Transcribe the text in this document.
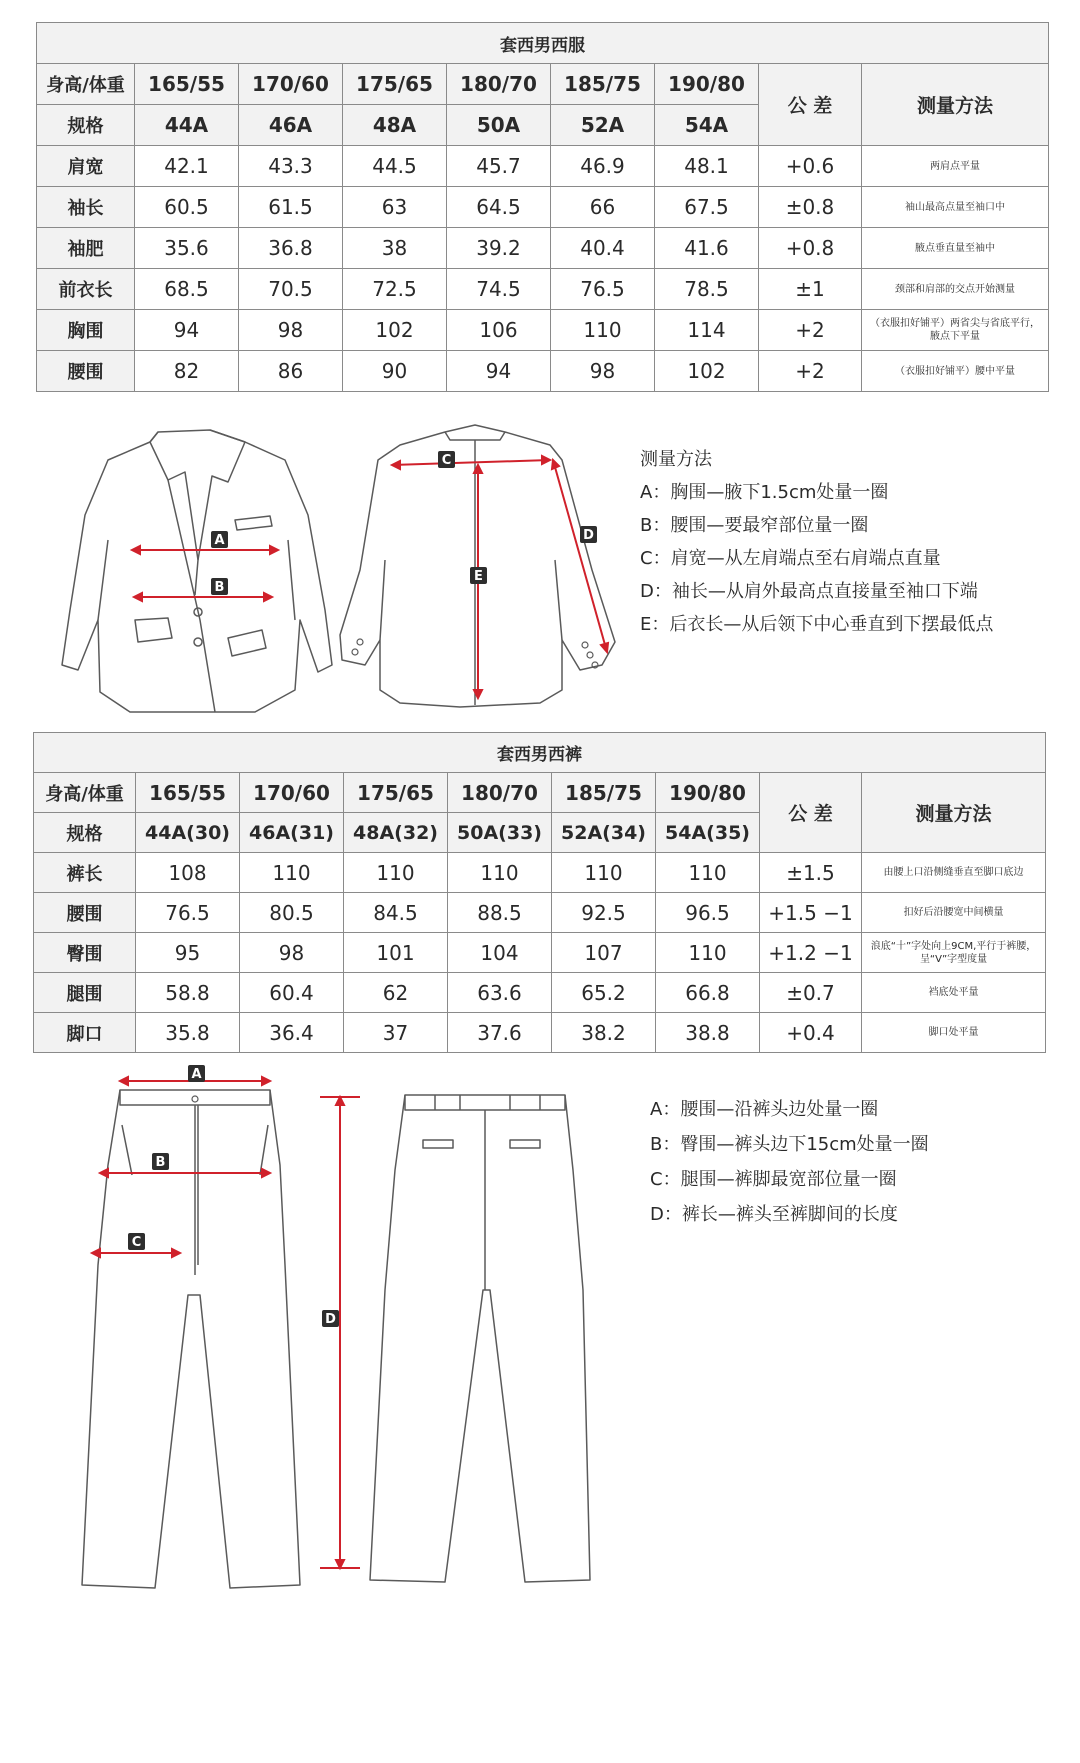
套西男西服								
身高/体重	165/55	170/60	175/65	180/70	185/75	190/80	公 差	测量方法
规格	44A	46A	48A	50A	52A	54A		
肩宽	42.1	43.3	44.5	45.7	46.9	48.1	+0.6	两肩点平量
袖长	60.5	61.5	63	64.5	66	67.5	±0.8	袖山最高点量至袖口中
袖肥	35.6	36.8	38	39.2	40.4	41.6	+0.8	腋点垂直量至袖中
前衣长	68.5	70.5	72.5	74.5	76.5	78.5	±1	颈部和肩部的交点开始测量
胸围	94	98	102	106	110	114	+2	（衣服扣好铺平）两省尖与省底平行，腋点下平量
腰围	82	86	90	94	98	102	+2	（衣服扣好铺平）腰中平量
A
B
C
E
D
测量方法
A：胸围—腋下1.5cm处量一圈
B：腰围—要最窄部位量一圈
C：肩宽—从左肩端点至右肩端点直量
D：袖长—从肩外最高点直接量至袖口下端
E：后衣长—从后领下中心垂直到下摆最低点
套西男西裤								
身高/体重	165/55	170/60	175/65	180/70	185/75	190/80	公 差	测量方法
规格	44A(30)	46A(31)	48A(32)	50A(33)	52A(34)	54A(35)		
裤长	108	110	110	110	110	110	±1.5	由腰上口沿侧缝垂直至脚口底边
腰围	76.5	80.5	84.5	88.5	92.5	96.5	+1.5 −1	扣好后沿腰宽中间横量
臀围	95	98	101	104	107	110	+1.2 −1	浪底“十”字处向上9CM,平行于裤腰，呈“V”字型度量
腿围	58.8	60.4	62	63.6	65.2	66.8	±0.7	裆底处平量
脚口	35.8	36.4	37	37.6	38.2	38.8	+0.4	脚口处平量
A
B
C
D
A：腰围—沿裤头边处量一圈
B：臀围—裤头边下15cm处量一圈
C：腿围—裤脚最宽部位量一圈
D：裤长—裤头至裤脚间的长度
